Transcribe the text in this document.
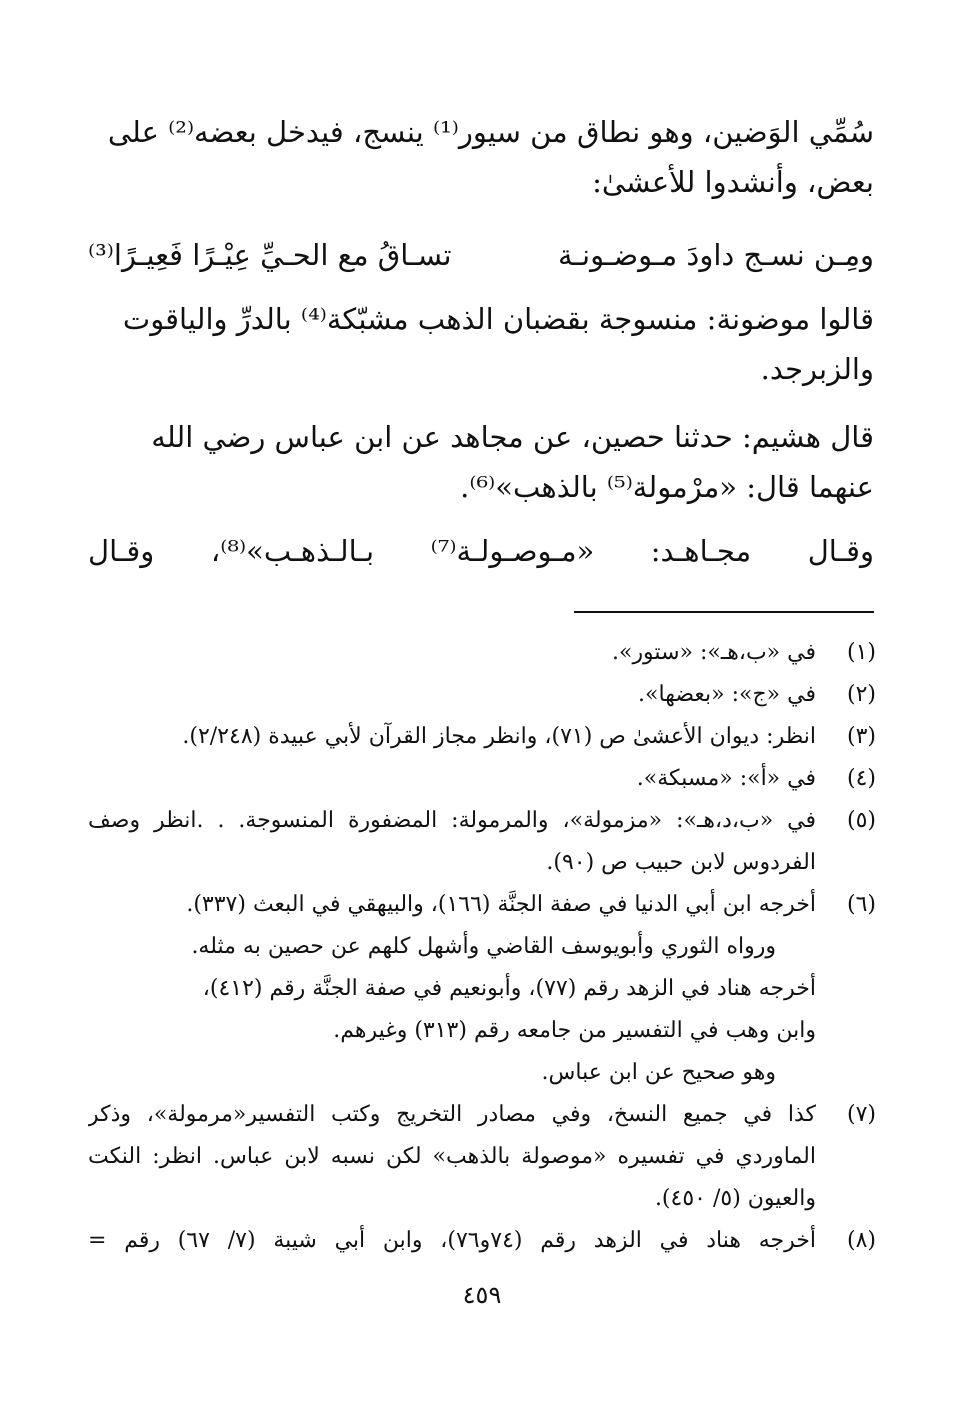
سُمِّي الوَضين، وهو نطاق من سيور⁽¹⁾ ينسج، فيدخل بعضه⁽²⁾ على
بعض، وأنشدوا للأعشىٰ:
ومِـن نسـج داودَ مـوضـونـة
تسـاقُ مع الحـيِّ عِيْـرًا فَعِيـرًا⁽³⁾
قالوا موضونة: منسوجة بقضبان الذهب مشبّكة⁽⁴⁾ بالدرِّ والياقوت
والزبرجد.
قال هشيم: حدثنا حصين، عن مجاهد عن ابن عباس رضي الله
عنهما قال: «مرْمولة⁽⁵⁾ بالذهب»⁽⁶⁾.
وقـال مجـاهـد: «مـوصـولـة⁽⁷⁾ بـالـذهـب»⁽⁸⁾، وقـال
(١)
في «ب،هـ»: «ستور».
(٢)
في «ج»: «بعضها».
(٣)
انظر: ديوان الأعشىٰ ص (٧١)، وانظر مجاز القرآن لأبي عبيدة (٢/٢٤٨).
(٤)
في «أ»: «مسبكة».
(٥)
في «ب،د،هـ»: «مزمولة»، والمرمولة: المضفورة المنسوجة. . .انظر وصف
الفردوس لابن حبيب ص (٩٠).
(٦)
أخرجه ابن أبي الدنيا في صفة الجنَّة (١٦٦)، والبيهقي في البعث (٣٣٧).
ورواه الثوري وأبويوسف القاضي وأشهل كلهم عن حصين به مثله.
أخرجه هناد في الزهد رقم (٧٧)، وأبونعيم في صفة الجنَّة رقم (٤١٢)،
وابن وهب في التفسير من جامعه رقم (٣١٣) وغيرهم.
وهو صحيح عن ابن عباس.
(٧)
كذا في جميع النسخ، وفي مصادر التخريج وكتب التفسير«مرمولة»، وذكر
الماوردي في تفسيره «موصولة بالذهب» لكن نسبه لابن عباس. انظر: النكت
والعيون (٥/ ٤٥٠).
(٨)
أخرجه هناد في الزهد رقم (٧٤و٧٦)، وابن أبي شيبة (٧/ ٦٧) رقم =
٤٥٩
